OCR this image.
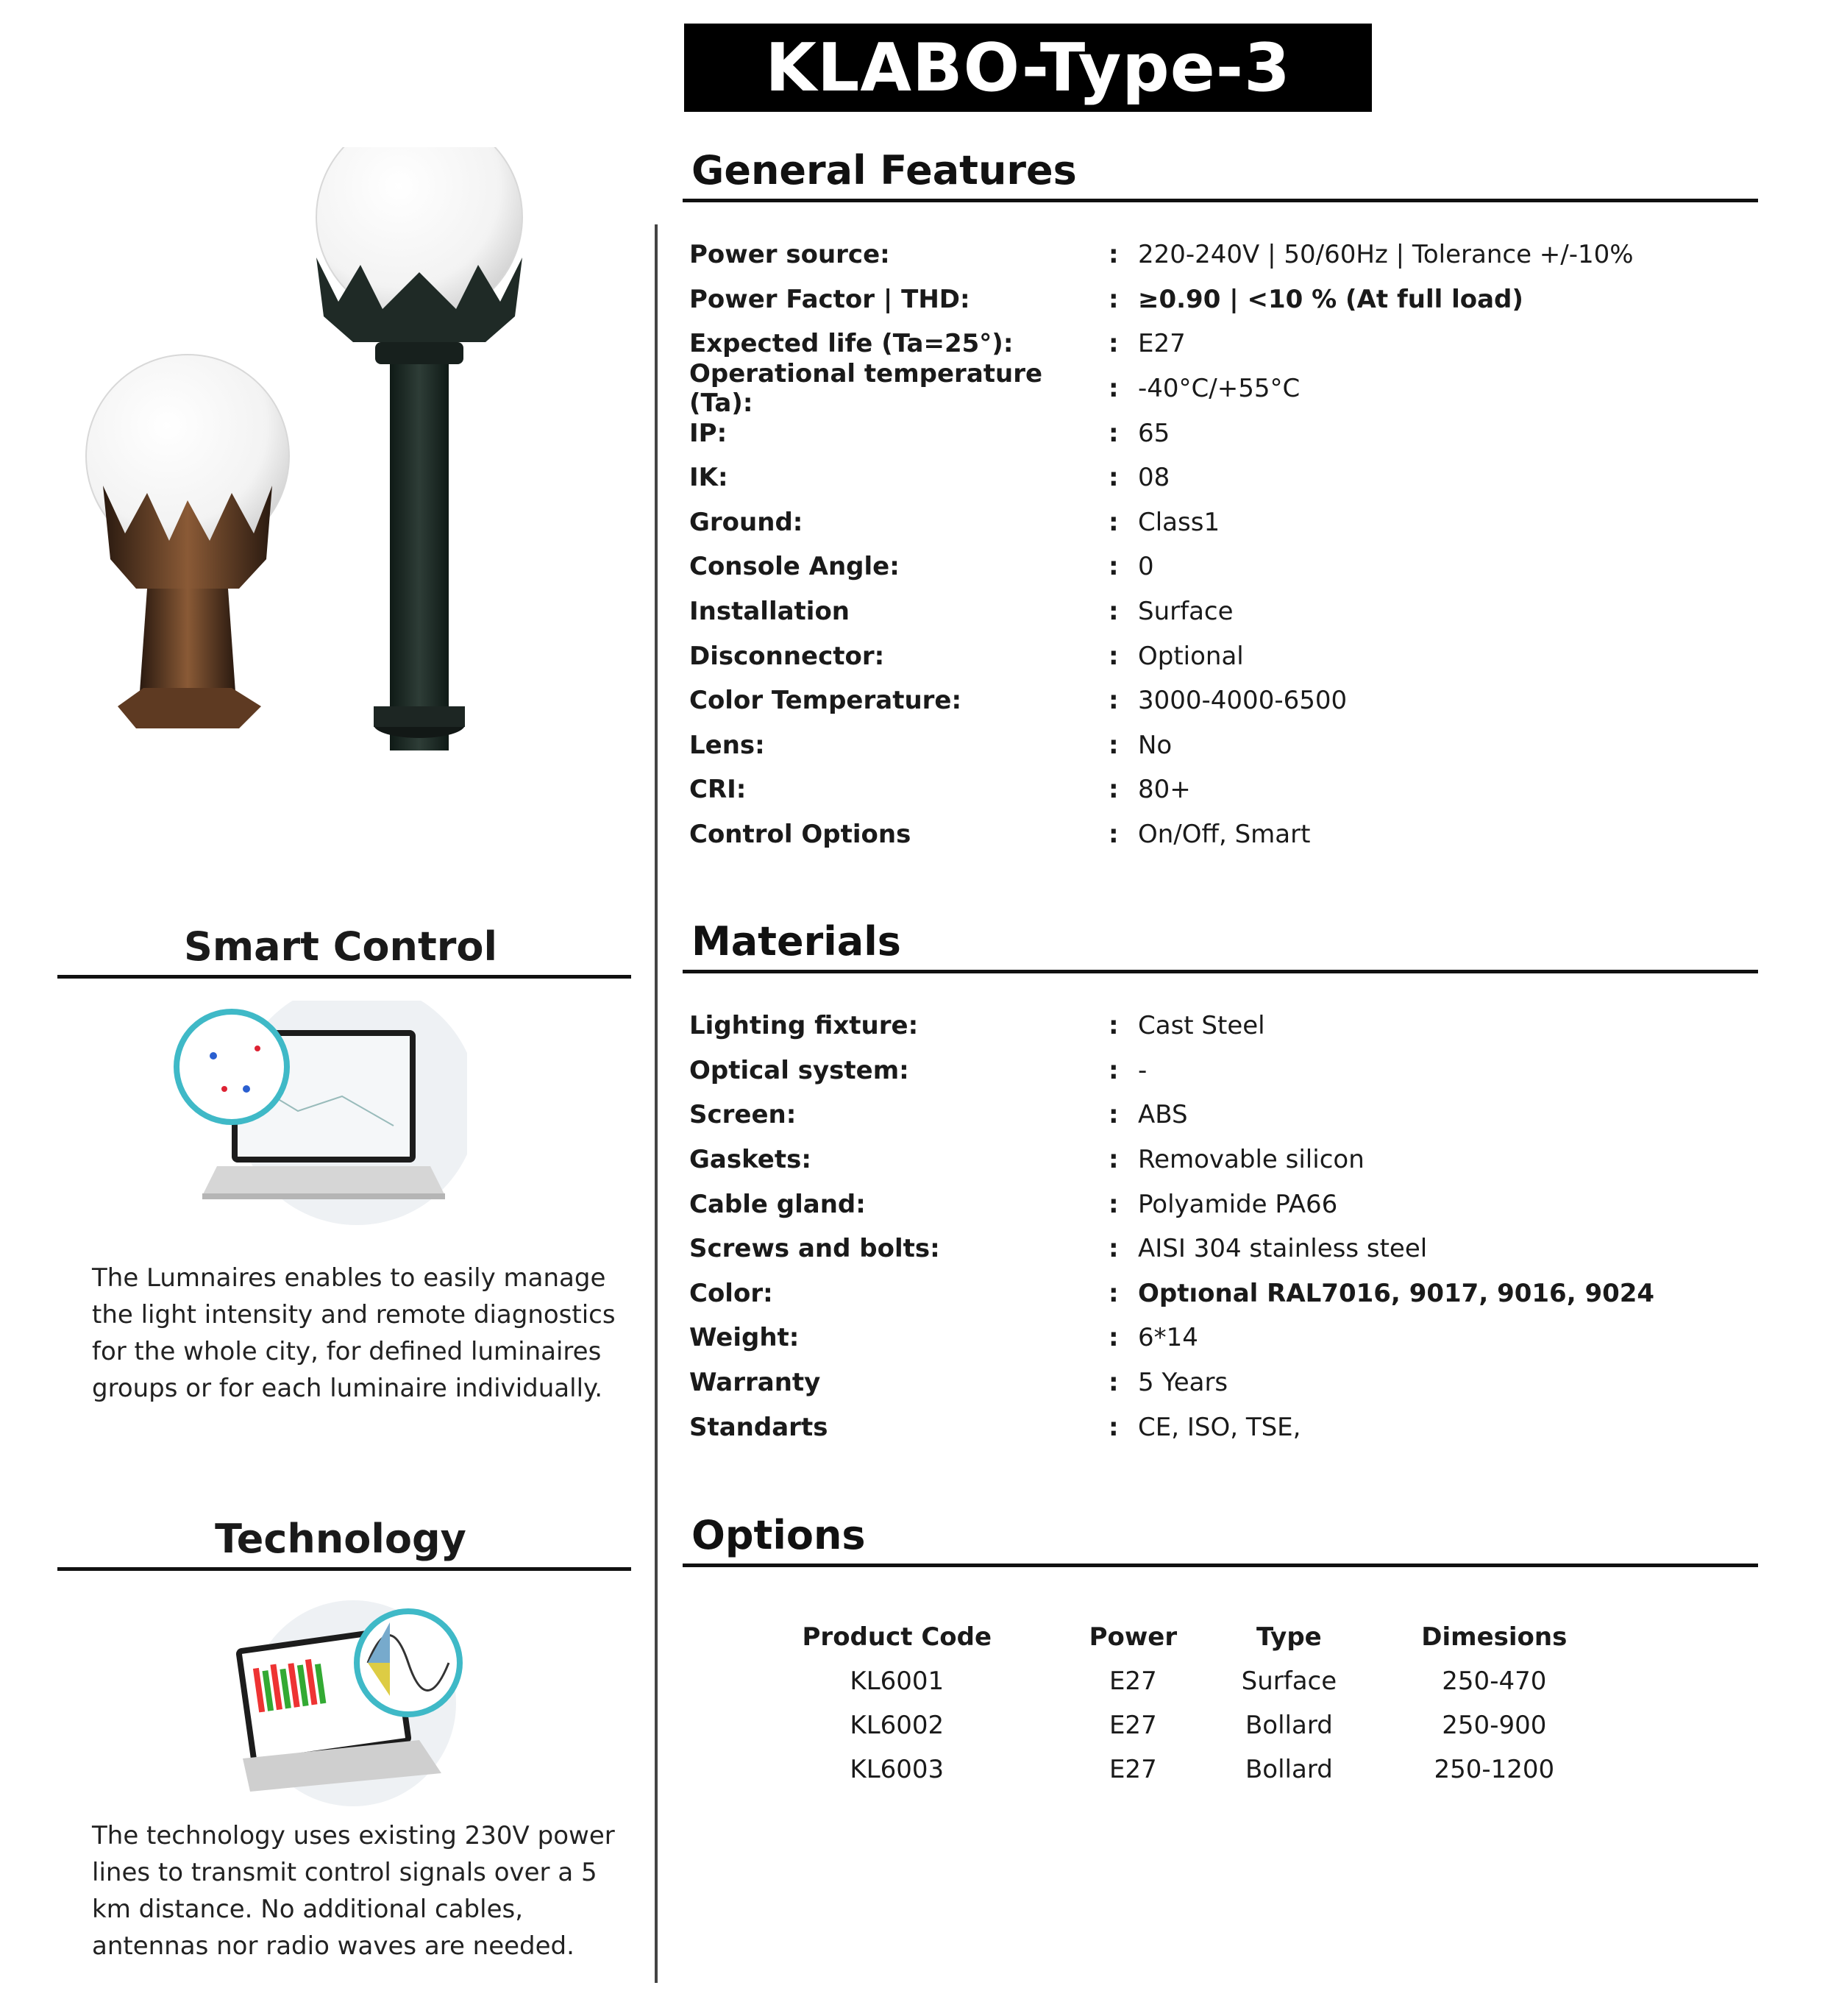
KLABO-Type-3
Smart Control
The Lumnaires enables to easily manage the light intensity and remote diagnostics for the whole city, for defined luminaires groups or for each luminaire individually.
Technology
The technology uses existing 230V power lines to transmit control signals over a 5 km distance. No additional cables, antennas nor radio waves are needed.
General Features
Power source:	: 220-240V | 50/60Hz | Tolerance +/-10%
Power Factor | THD:	: ≥0.90 | <10 % (At full load)
Expected life (Ta=25°):	: E27
Operational temperature (Ta):	: -40°C/+55°C
IP:	: 65
IK:	: 08
Ground:	: Class1
Console Angle:	: 0
Installation	: Surface
Disconnector:	: Optional
Color Temperature:	: 3000-4000-6500
Lens:	: No
CRI:	: 80+
Control Options	: On/Off, Smart
Materials
Lighting fixture:	: Cast Steel
Optical system:	: -
Screen:	: ABS
Gaskets:	: Removable silicon
Cable gland:	: Polyamide PA66
Screws and bolts:	: AISI 304 stainless steel
Color:	: Optıonal RAL7016, 9017, 9016, 9024
Weight:	: 6*14
Warranty	: 5 Years
Standarts	: CE, ISO, TSE,
Options
Product Code	Power	Type	Dimesions
KL6001	E27	Surface	250-470
KL6002	E27	Bollard	250-900
KL6003	E27	Bollard	250-1200
